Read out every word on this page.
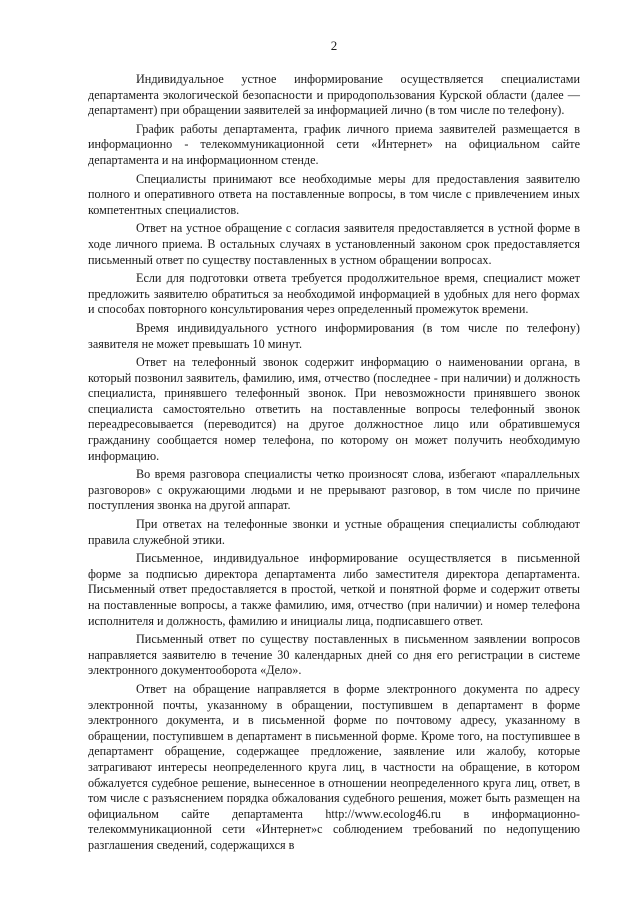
2

Индивидуальное устное информирование осуществляется специалистами департамента экологической безопасности и природопользования Курской области (далее — департамент) при обращении заявителей за информацией лично (в том числе по телефону).

График работы департамента, график личного приема заявителей размещается в информационно - телекоммуникационной сети «Интернет» на официальном сайте департамента и на информационном стенде.

Специалисты принимают все необходимые меры для предоставления заявителю полного и оперативного ответа на поставленные вопросы, в том числе с привлечением иных компетентных специалистов.

Ответ на устное обращение с согласия заявителя предоставляется в устной форме в ходе личного приема. В остальных случаях в установленный законом срок предоставляется письменный ответ по существу поставленных в устном обращении вопросах.

Если для подготовки ответа требуется продолжительное время, специалист может предложить заявителю обратиться за необходимой информацией в удобных для него формах и способах повторного консультирования через определенный промежуток времени.

Время индивидуального устного информирования (в том числе по телефону) заявителя не может превышать 10 минут.

Ответ на телефонный звонок содержит информацию о наименовании органа, в который позвонил заявитель, фамилию, имя, отчество (последнее - при наличии) и должность специалиста, принявшего телефонный звонок. При невозможности принявшего звонок специалиста самостоятельно ответить на поставленные вопросы телефонный звонок переадресовывается (переводится) на другое должностное лицо или обратившемуся гражданину сообщается номер телефона, по которому он может получить необходимую информацию.

Во время разговора специалисты четко произносят слова, избегают «параллельных разговоров» с окружающими людьми и не прерывают разговор, в том числе по причине поступления звонка на другой аппарат.

При ответах на телефонные звонки и устные обращения специалисты соблюдают правила служебной этики.

Письменное, индивидуальное информирование осуществляется в письменной форме за подписью директора департамента либо заместителя директора департамента. Письменный ответ предоставляется в простой, четкой и понятной форме и содержит ответы на поставленные вопросы, а также фамилию, имя, отчество (при наличии) и номер телефона исполнителя и должность, фамилию и инициалы лица, подписавшего ответ.

Письменный ответ по существу поставленных в письменном заявлении вопросов направляется заявителю в течение 30 календарных дней со дня его регистрации в системе электронного документооборота «Дело».

Ответ на обращение направляется в форме электронного документа по адресу электронной почты, указанному в обращении, поступившем в департамент в форме электронного документа, и в письменной форме по почтовому адресу, указанному в обращении, поступившем в департамент в письменной форме. Кроме того, на поступившее в департамент обращение, содержащее предложение, заявление или жалобу, которые затрагивают интересы неопределенного круга лиц, в частности на обращение, в котором обжалуется судебное решение, вынесенное в отношении неопределенного круга лиц, ответ, в том числе с разъяснением порядка обжалования судебного решения, может быть размещен на официальном сайте департамента http://www.ecolog46.ru в информационно-телекоммуникационной сети «Интернет»с соблюдением требований по недопущению разглашения сведений, содержащихся в
